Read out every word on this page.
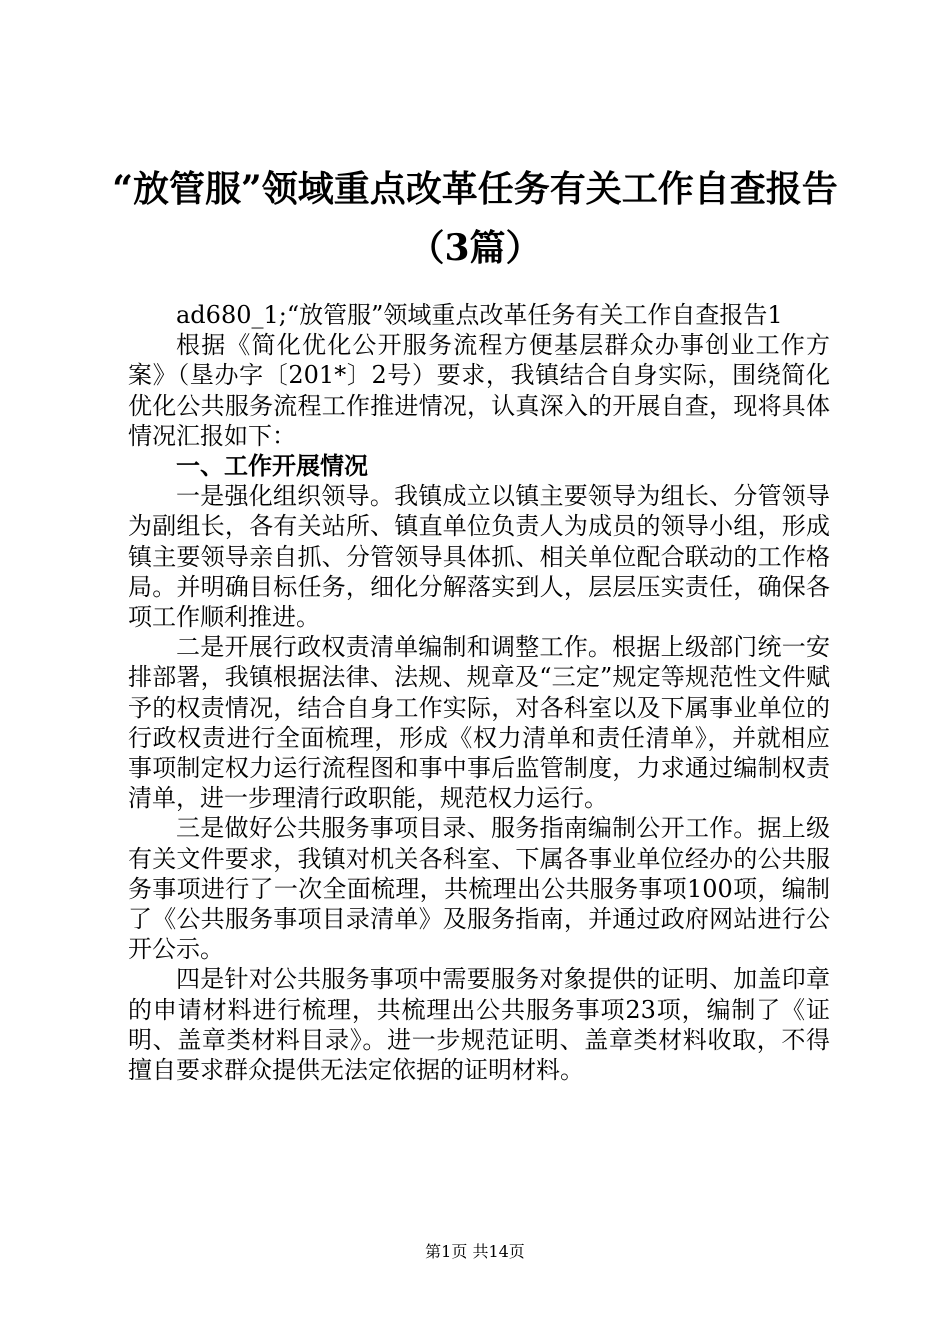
“放管服”领域重点改革任务有关工作自查报告（3篇）

ad680_1;“放管服”领域重点改革任务有关工作自查报告1

根据《简化优化公开服务流程方便基层群众办事创业工作方案》（垦办字〔201*〕2号）要求，我镇结合自身实际，围绕简化优化公共服务流程工作推进情况，认真深入的开展自查，现将具体情况汇报如下：

一、工作开展情况

一是强化组织领导。我镇成立以镇主要领导为组长、分管领导为副组长，各有关站所、镇直单位负责人为成员的领导小组，形成镇主要领导亲自抓、分管领导具体抓、相关单位配合联动的工作格局。并明确目标任务，细化分解落实到人，层层压实责任，确保各项工作顺利推进。

二是开展行政权责清单编制和调整工作。根据上级部门统一安排部署，我镇根据法律、法规、规章及“三定”规定等规范性文件赋予的权责情况，结合自身工作实际，对各科室以及下属事业单位的行政权责进行全面梳理，形成《权力清单和责任清单》，并就相应事项制定权力运行流程图和事中事后监管制度，力求通过编制权责清单，进一步理清行政职能，规范权力运行。

三是做好公共服务事项目录、服务指南编制公开工作。据上级有关文件要求，我镇对机关各科室、下属各事业单位经办的公共服务事项进行了一次全面梳理，共梳理出公共服务事项100项，编制了《公共服务事项目录清单》及服务指南，并通过政府网站进行公开公示。

四是针对公共服务事项中需要服务对象提供的证明、加盖印章的申请材料进行梳理，共梳理出公共服务事项23项，编制了《证明、盖章类材料目录》。进一步规范证明、盖章类材料收取，不得擅自要求群众提供无法定依据的证明材料。

第1页 共14页
